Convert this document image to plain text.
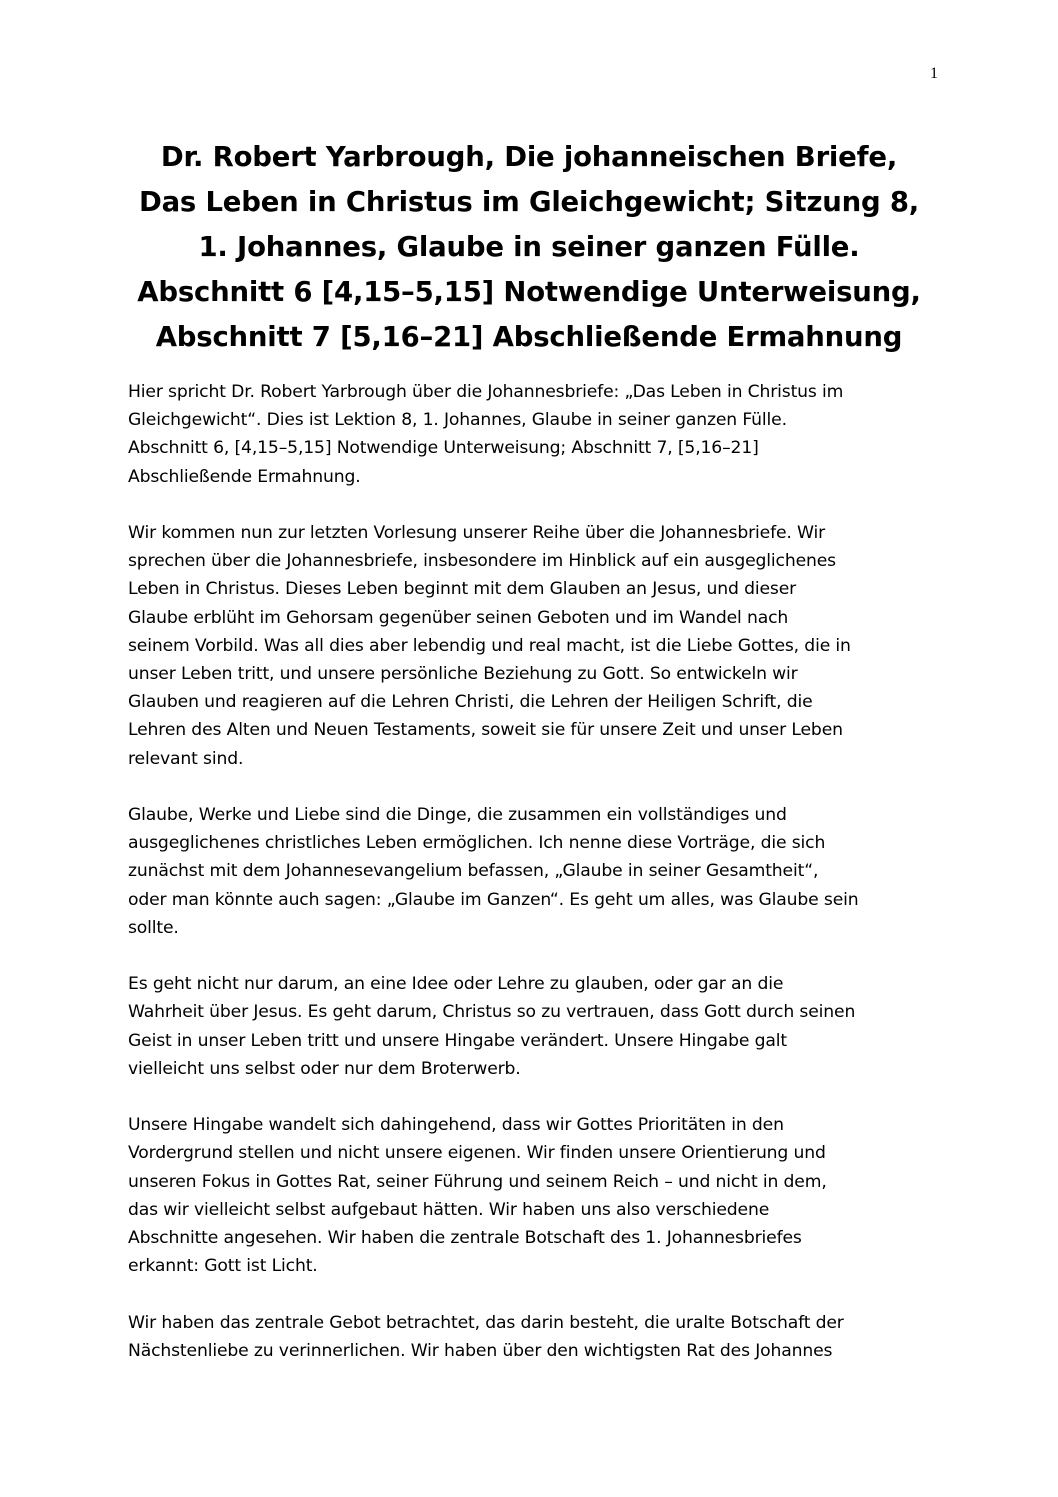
1
Dr. Robert Yarbrough, Die johanneischen Briefe,
Das Leben in Christus im Gleichgewicht; Sitzung 8,
1. Johannes, Glaube in seiner ganzen Fülle.
Abschnitt 6 [4,15–5,15] Notwendige Unterweisung,
Abschnitt 7 [5,16–21] Abschließende Ermahnung

Hier spricht Dr. Robert Yarbrough über die Johannesbriefe: „Das Leben in Christus im
Gleichgewicht“. Dies ist Lektion 8, 1. Johannes, Glaube in seiner ganzen Fülle.
Abschnitt 6, [4,15–5,15] Notwendige Unterweisung; Abschnitt 7, [5,16–21]
Abschließende Ermahnung.

Wir kommen nun zur letzten Vorlesung unserer Reihe über die Johannesbriefe. Wir
sprechen über die Johannesbriefe, insbesondere im Hinblick auf ein ausgeglichenes
Leben in Christus. Dieses Leben beginnt mit dem Glauben an Jesus, und dieser
Glaube erblüht im Gehorsam gegenüber seinen Geboten und im Wandel nach
seinem Vorbild. Was all dies aber lebendig und real macht, ist die Liebe Gottes, die in
unser Leben tritt, und unsere persönliche Beziehung zu Gott. So entwickeln wir
Glauben und reagieren auf die Lehren Christi, die Lehren der Heiligen Schrift, die
Lehren des Alten und Neuen Testaments, soweit sie für unsere Zeit und unser Leben
relevant sind.

Glaube, Werke und Liebe sind die Dinge, die zusammen ein vollständiges und
ausgeglichenes christliches Leben ermöglichen. Ich nenne diese Vorträge, die sich
zunächst mit dem Johannesevangelium befassen, „Glaube in seiner Gesamtheit“,
oder man könnte auch sagen: „Glaube im Ganzen“. Es geht um alles, was Glaube sein
sollte.

Es geht nicht nur darum, an eine Idee oder Lehre zu glauben, oder gar an die
Wahrheit über Jesus. Es geht darum, Christus so zu vertrauen, dass Gott durch seinen
Geist in unser Leben tritt und unsere Hingabe verändert. Unsere Hingabe galt
vielleicht uns selbst oder nur dem Broterwerb.

Unsere Hingabe wandelt sich dahingehend, dass wir Gottes Prioritäten in den
Vordergrund stellen und nicht unsere eigenen. Wir finden unsere Orientierung und
unseren Fokus in Gottes Rat, seiner Führung und seinem Reich – und nicht in dem,
das wir vielleicht selbst aufgebaut hätten. Wir haben uns also verschiedene
Abschnitte angesehen. Wir haben die zentrale Botschaft des 1. Johannesbriefes
erkannt: Gott ist Licht.

Wir haben das zentrale Gebot betrachtet, das darin besteht, die uralte Botschaft der
Nächstenliebe zu verinnerlichen. Wir haben über den wichtigsten Rat des Johannes
